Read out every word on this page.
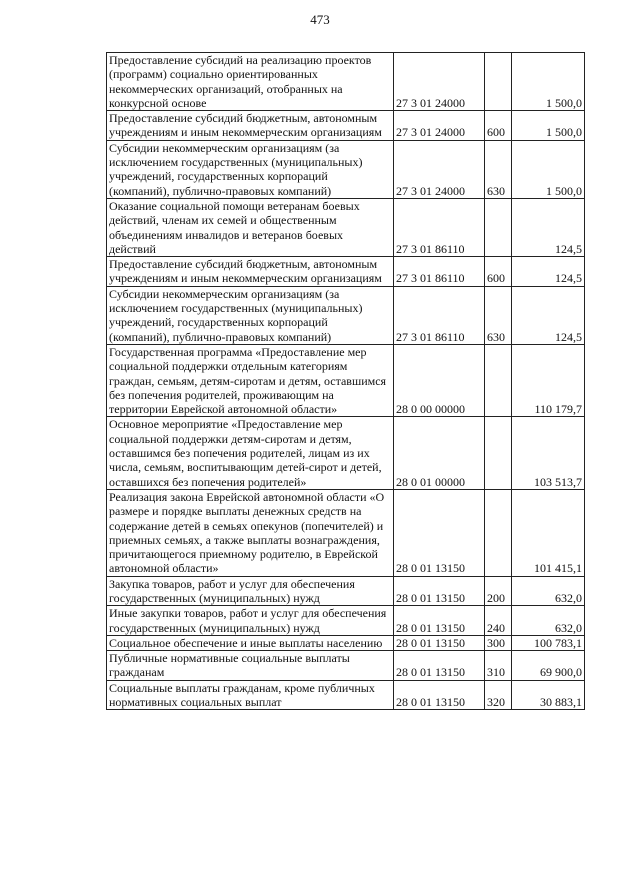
473
Предоставление субсидий на реализацию проектов (программ) социально ориентированных некоммерческих организаций, отобранных на конкурсной основе	27 3 01 24000		1 500,0
Предоставление субсидий бюджетным, автономным учреждениям и иным некоммерческим организациям	27 3 01 24000	600	1 500,0
Субсидии некоммерческим организациям (за исключением государственных (муниципальных) учреждений, государственных корпораций (компаний), публично-правовых компаний)	27 3 01 24000	630	1 500,0
Оказание социальной помощи ветеранам боевых действий, членам их семей и общественным объединениям инвалидов и ветеранов боевых действий	27 3 01 86110		124,5
Предоставление субсидий бюджетным, автономным учреждениям и иным некоммерческим организациям	27 3 01 86110	600	124,5
Субсидии некоммерческим организациям (за исключением государственных (муниципальных) учреждений, государственных корпораций (компаний), публично-правовых компаний)	27 3 01 86110	630	124,5
Государственная программа «Предоставление мер социальной поддержки отдельным категориям граждан, семьям, детям-сиротам и детям, оставшимся без попечения родителей, проживающим на территории Еврейской автономной области»	28 0 00 00000		110 179,7
Основное мероприятие «Предоставление мер социальной поддержки детям-сиротам и детям, оставшимся без попечения родителей, лицам из их числа, семьям, воспитывающим детей-сирот и детей, оставшихся без попечения родителей»	28 0 01 00000		103 513,7
Реализация закона Еврейской автономной области «О размере и порядке выплаты денежных средств на содержание детей в семьях опекунов (попечителей) и приемных семьях, а также выплаты вознаграждения, причитающегося приемному родителю, в Еврейской автономной области»	28 0 01 13150		101 415,1
Закупка товаров, работ и услуг для обеспечения государственных (муниципальных) нужд	28 0 01 13150	200	632,0
Иные закупки товаров, работ и услуг для обеспечения государственных (муниципальных) нужд	28 0 01 13150	240	632,0
Социальное обеспечение и иные выплаты населению	28 0 01 13150	300	100 783,1
Публичные нормативные социальные выплаты гражданам	28 0 01 13150	310	69 900,0
Социальные выплаты гражданам, кроме публичных нормативных социальных выплат	28 0 01 13150	320	30 883,1
